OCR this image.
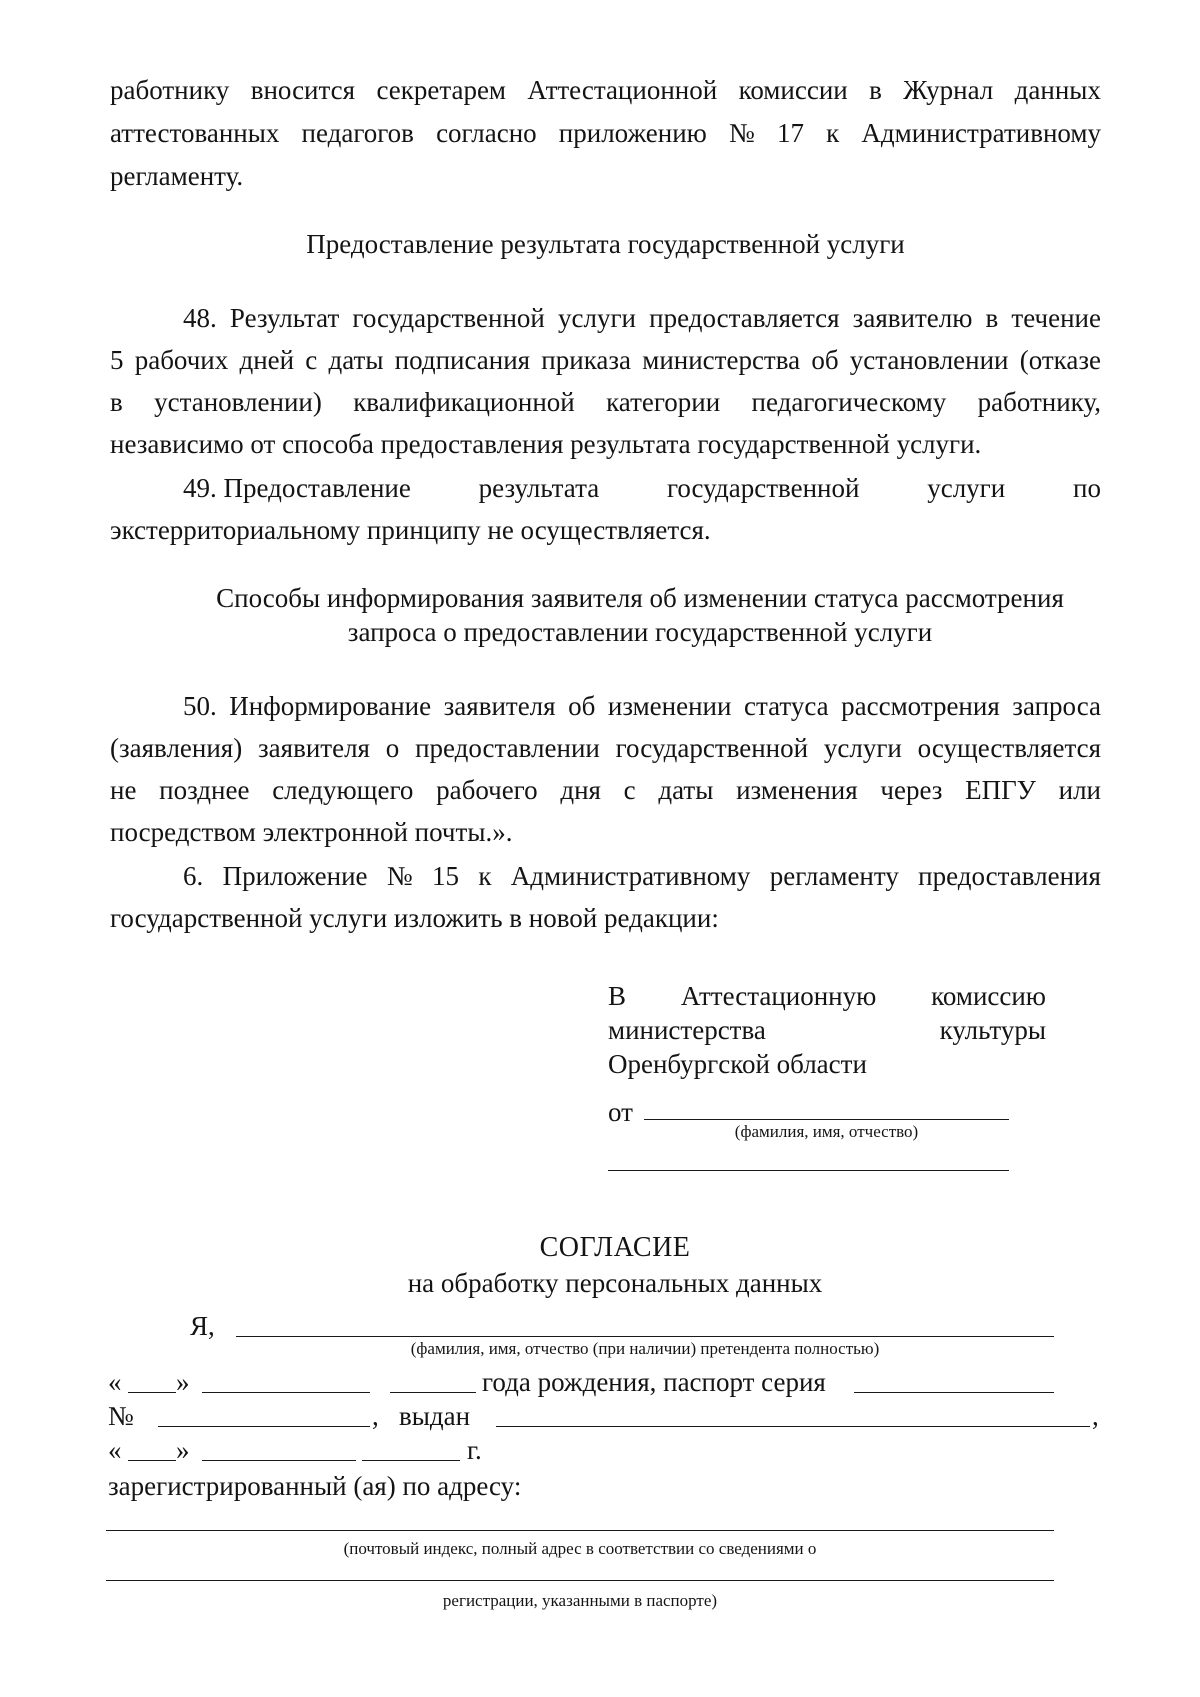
работнику вносится секретарем Аттестационной комиссии в Журнал данных
аттестованных педагогов согласно приложению № 17 к Административному
регламенту.
Предоставление результата государственной услуги
48. Результат государственной услуги предоставляется заявителю в течение
5 рабочих дней с даты подписания приказа министерства об установлении (отказе
в установлении) квалификационной категории педагогическому работнику,
независимо от способа предоставления результата государственной услуги.
49. Предоставление	результата	государственной	услуги	по
экстерриториальному принципу не осуществляется.
Способы информирования заявителя об изменении статуса рассмотрения
запроса о предоставлении государственной услуги
50. Информирование заявителя об изменении статуса рассмотрения запроса
(заявления) заявителя о предоставлении государственной услуги осуществляется
не позднее следующего рабочего дня с даты изменения через ЕПГУ или
посредством электронной почты.».
6. Приложение № 15 к Административному регламенту предоставления
государственной услуги изложить в новой редакции:
В Аттестационную комиссию
министерства	культуры
Оренбургской области
от
(фамилия, имя, отчество)
СОГЛАСИЕ
на обработку персональных данных
Я,
(фамилия, имя, отчество (при наличии) претендента полностью)
« »	года рождения, паспорт серия
№	, выдан	,
« »	г.
зарегистрированный (ая) по адресу:
(почтовый индекс, полный адрес в соответствии со сведениями о
регистрации, указанными в паспорте)
